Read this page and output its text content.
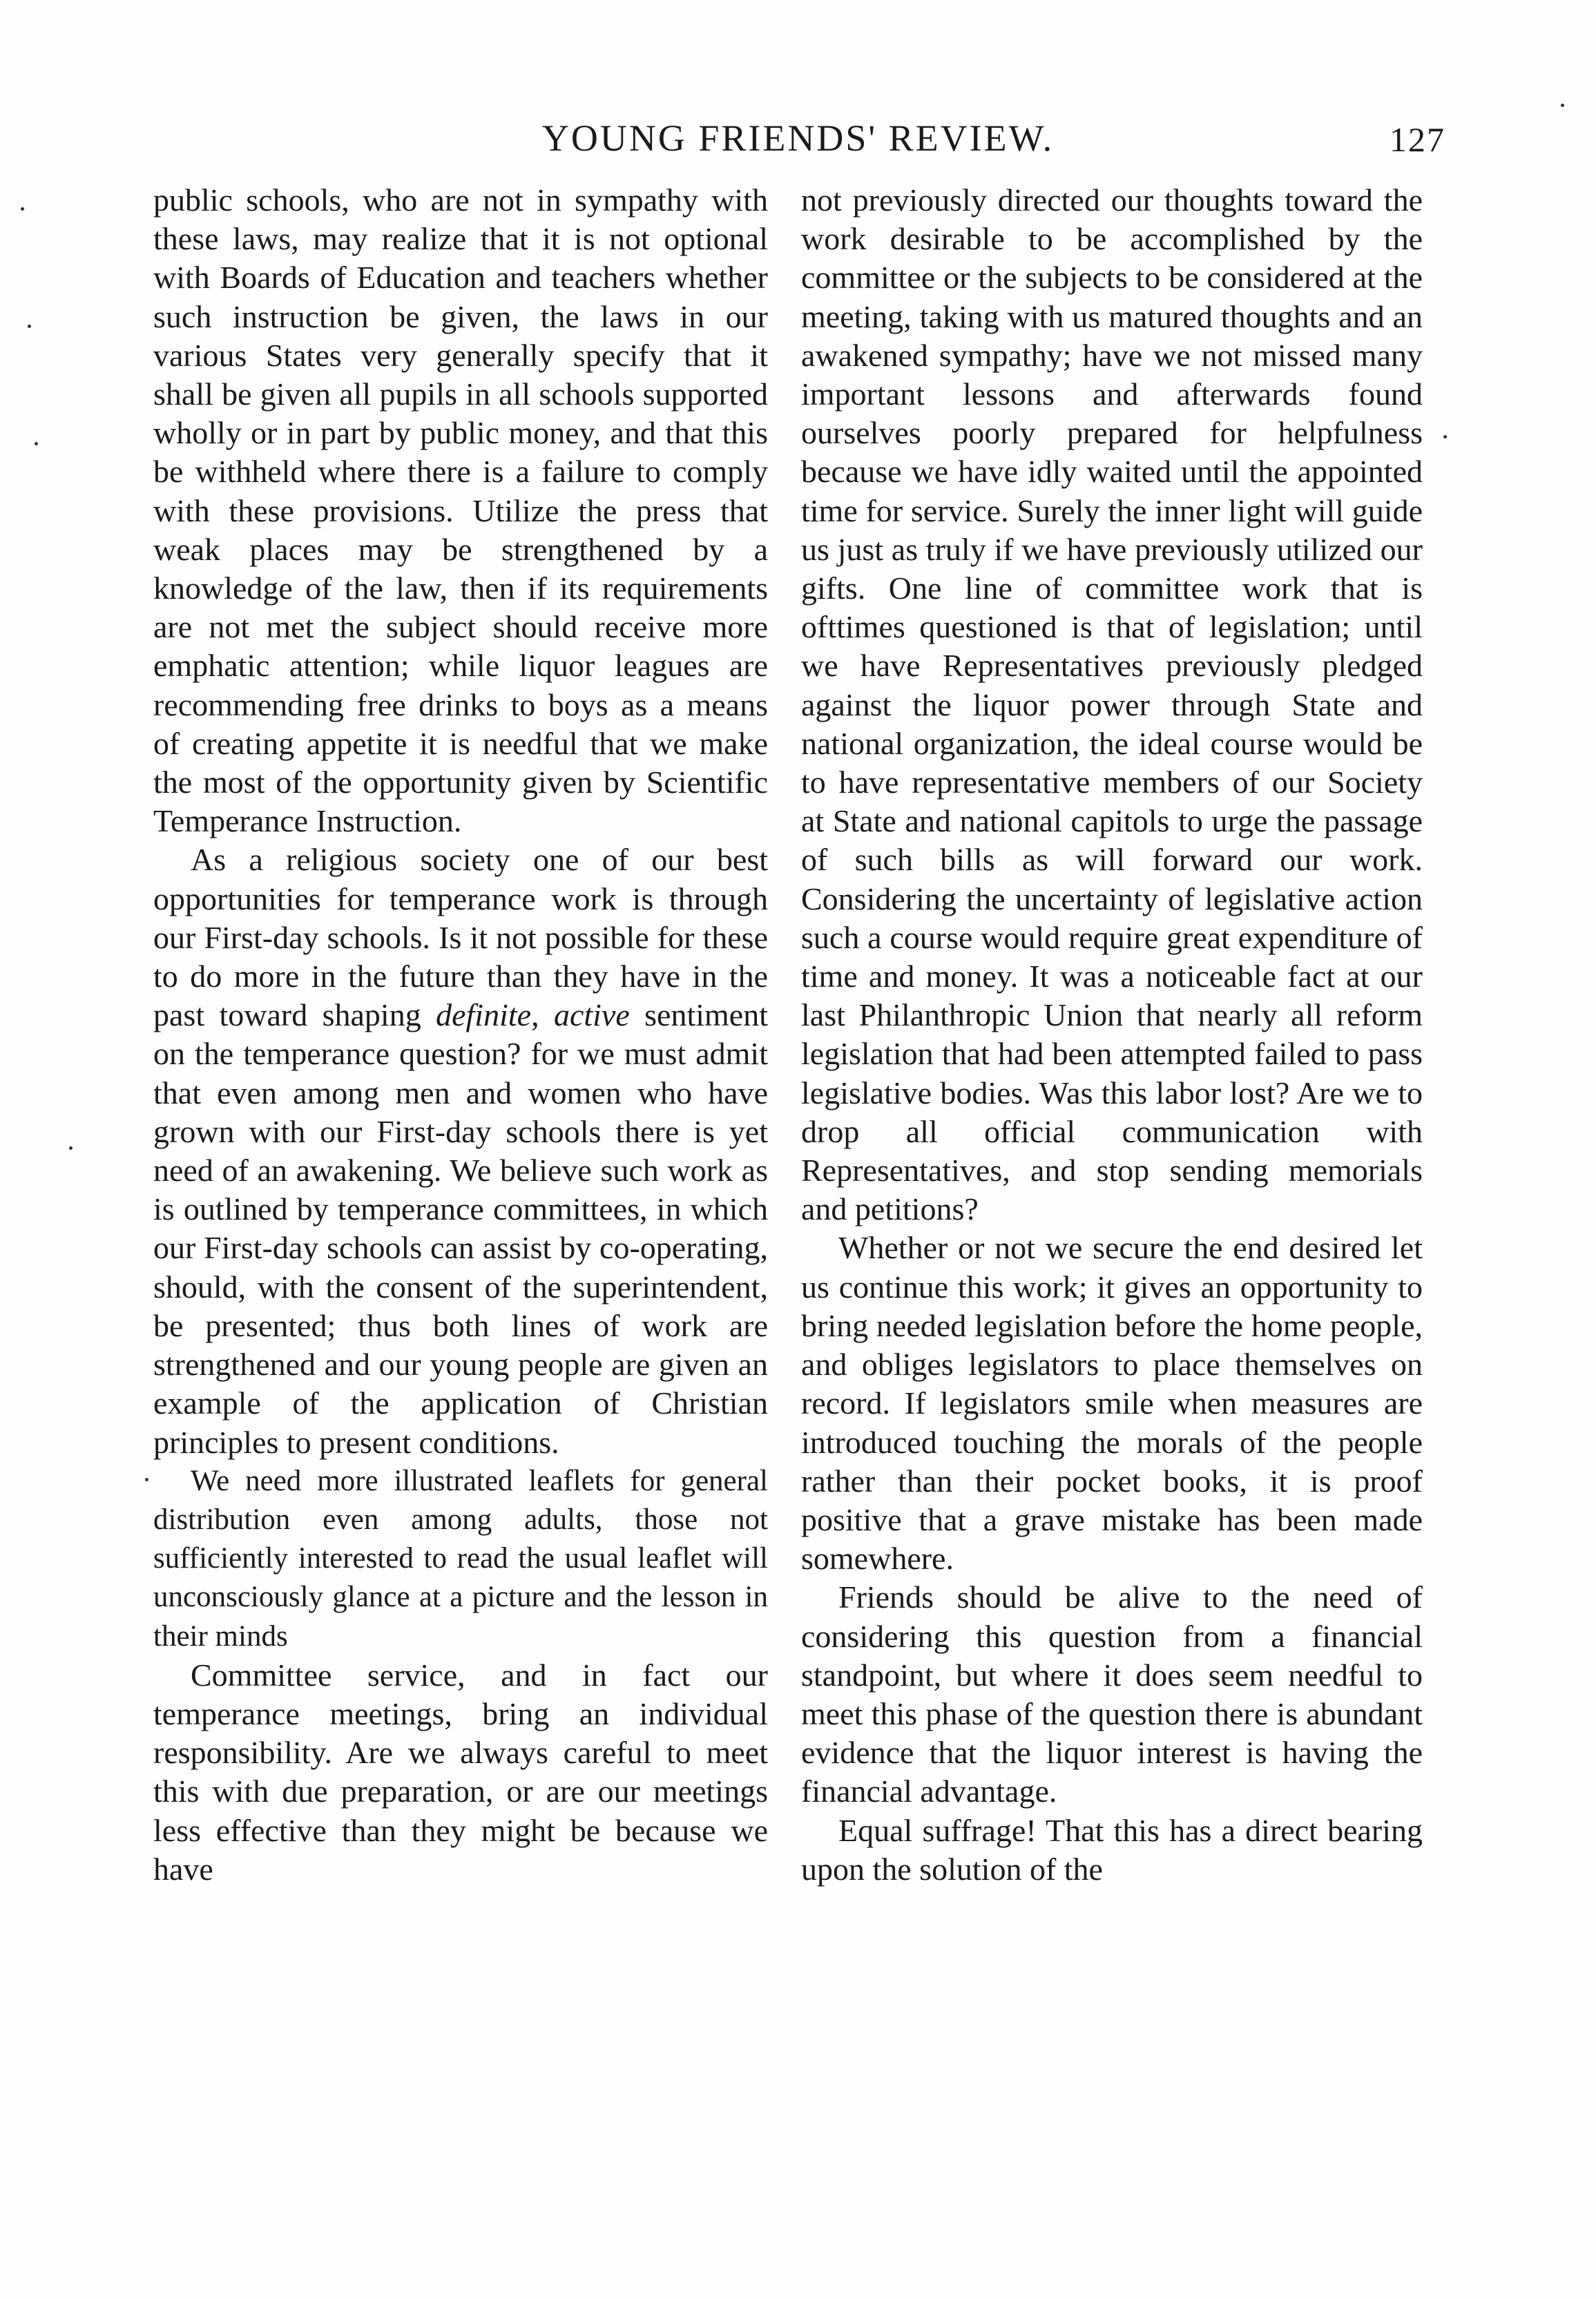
YOUNG FRIENDS' REVIEW.	127

public schools, who are not in sympathy with these laws, may realize that it is not optional with Boards of Education and teachers whether such instruction be given, the laws in our various States very generally specify that it shall be given all pupils in all schools supported wholly or in part by public money, and that this be withheld where there is a failure to comply with these provisions. Utilize the press that weak places may be strengthened by a knowledge of the law, then if its requirements are not met the subject should receive more emphatic attention; while liquor leagues are recommending free drinks to boys as a means of creating appetite it is needful that we make the most of the opportunity given by Scientific Temperance Instruction.

As a religious society one of our best opportunities for temperance work is through our First-day schools. Is it not possible for these to do more in the future than they have in the past toward shaping definite, active sentiment on the temperance question? for we must admit that even among men and women who have grown with our First-day schools there is yet need of an awakening. We believe such work as is outlined by temperance committees, in which our First-day schools can assist by co-operating, should, with the consent of the superintendent, be presented; thus both lines of work are strengthened and our young people are given an example of the application of Christian principles to present conditions.

We need more illustrated leaflets for general distribution even among adults, those not sufficiently interested to read the usual leaflet will unconsciously glance at a picture and the lesson in their minds

Committee service, and in fact our temperance meetings, bring an individual responsibility. Are we always careful to meet this with due preparation, or are our meetings less effective than they might be because we have

not previously directed our thoughts toward the work desirable to be accomplished by the committee or the subjects to be considered at the meeting, taking with us matured thoughts and an awakened sympathy; have we not missed many important lessons and afterwards found ourselves poorly prepared for helpfulness because we have idly waited until the appointed time for service. Surely the inner light will guide us just as truly if we have previously utilized our gifts. One line of committee work that is ofttimes questioned is that of legislation; until we have Representatives previously pledged against the liquor power through State and national organization, the ideal course would be to have representative members of our Society at State and national capitols to urge the passage of such bills as will forward our work. Considering the uncertainty of legislative action such a course would require great expenditure of time and money. It was a noticeable fact at our last Philanthropic Union that nearly all reform legislation that had been attempted failed to pass legislative bodies. Was this labor lost? Are we to drop all official communication with Representatives, and stop sending memorials and petitions?

Whether or not we secure the end desired let us continue this work; it gives an opportunity to bring needed legislation before the home people, and obliges legislators to place themselves on record. If legislators smile when measures are introduced touching the morals of the people rather than their pocket books, it is proof positive that a grave mistake has been made somewhere.

Friends should be alive to the need of considering this question from a financial standpoint, but where it does seem needful to meet this phase of the question there is abundant evidence that the liquor interest is having the financial advantage.

Equal suffrage! That this has a direct bearing upon the solution of the
